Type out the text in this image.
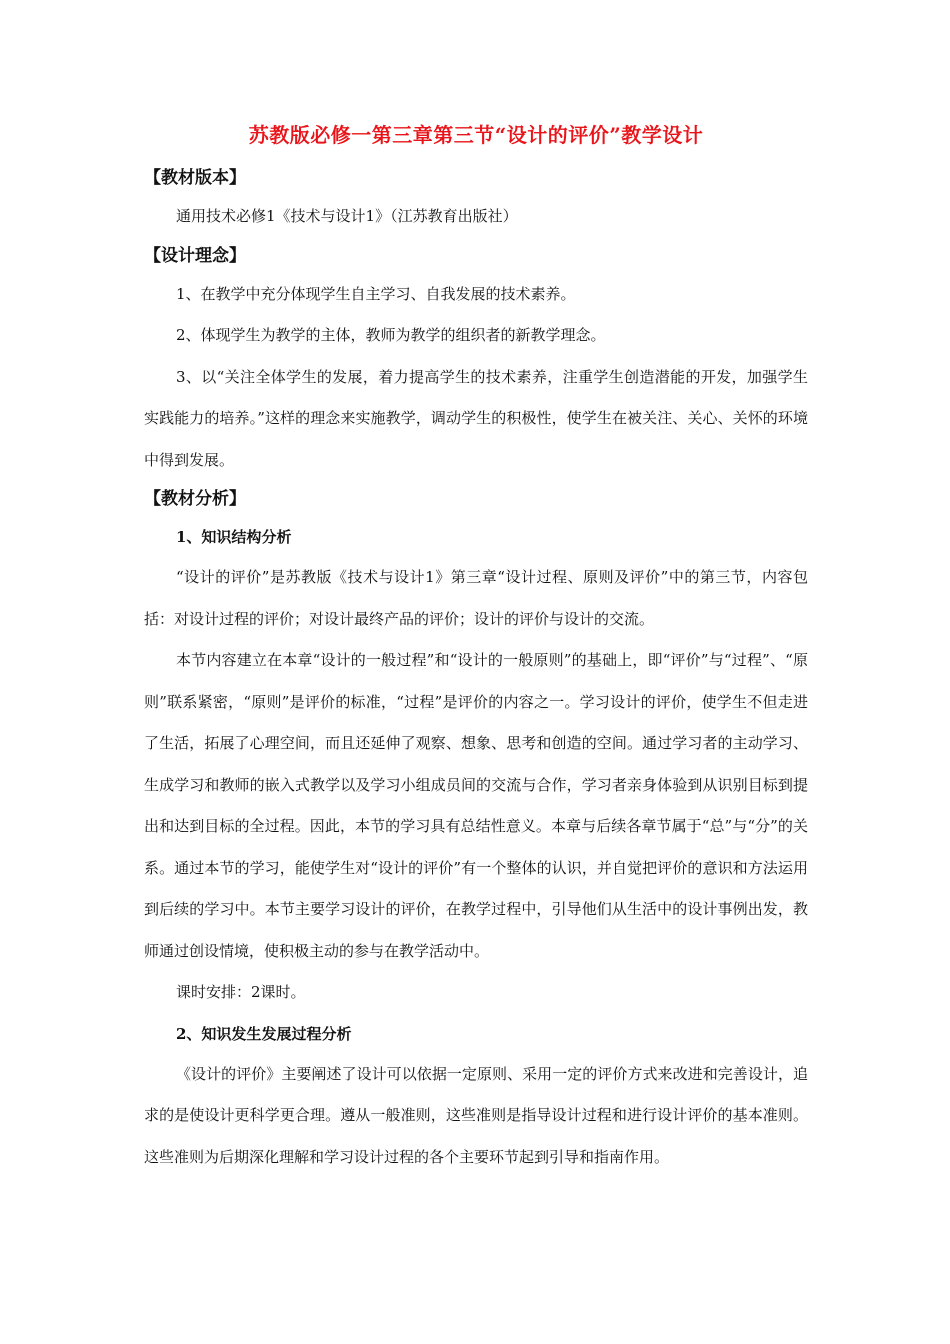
苏教版必修一第三章第三节“设计的评价”教学设计
【教材版本】

通用技术必修1《技术与设计1》（江苏教育出版社）

【设计理念】

1、在教学中充分体现学生自主学习、自我发展的技术素养。

2、体现学生为教学的主体，教师为教学的组织者的新教学理念。

3、以“关注全体学生的发展，着力提高学生的技术素养，注重学生创造潜能的开发，加强学生实践能力的培养。”这样的理念来实施教学，调动学生的积极性，使学生在被关注、关心、关怀的环境中得到发展。

【教材分析】
1、知识结构分析

“设计的评价”是苏教版《技术与设计1》第三章“设计过程、原则及评价”中的第三节，内容包括：对设计过程的评价；对设计最终产品的评价；设计的评价与设计的交流。

本节内容建立在本章“设计的一般过程”和“设计的一般原则”的基础上，即“评价”与“过程”、“原则”联系紧密，“原则”是评价的标准，“过程”是评价的内容之一。学习设计的评价，使学生不但走进了生活，拓展了心理空间，而且还延伸了观察、想象、思考和创造的空间。通过学习者的主动学习、生成学习和教师的嵌入式教学以及学习小组成员间的交流与合作，学习者亲身体验到从识别目标到提出和达到目标的全过程。因此，本节的学习具有总结性意义。本章与后续各章节属于“总”与“分”的关系。通过本节的学习，能使学生对“设计的评价”有一个整体的认识，并自觉把评价的意识和方法运用到后续的学习中。本节主要学习设计的评价，在教学过程中，引导他们从生活中的设计事例出发，教师通过创设情境，使积极主动的参与在教学活动中。

课时安排：2课时。

2、知识发生发展过程分析

《设计的评价》主要阐述了设计可以依据一定原则、采用一定的评价方式来改进和完善设计，追求的是使设计更科学更合理。遵从一般准则，这些准则是指导设计过程和进行设计评价的基本准则。这些准则为后期深化理解和学习设计过程的各个主要环节起到引导和指南作用。
